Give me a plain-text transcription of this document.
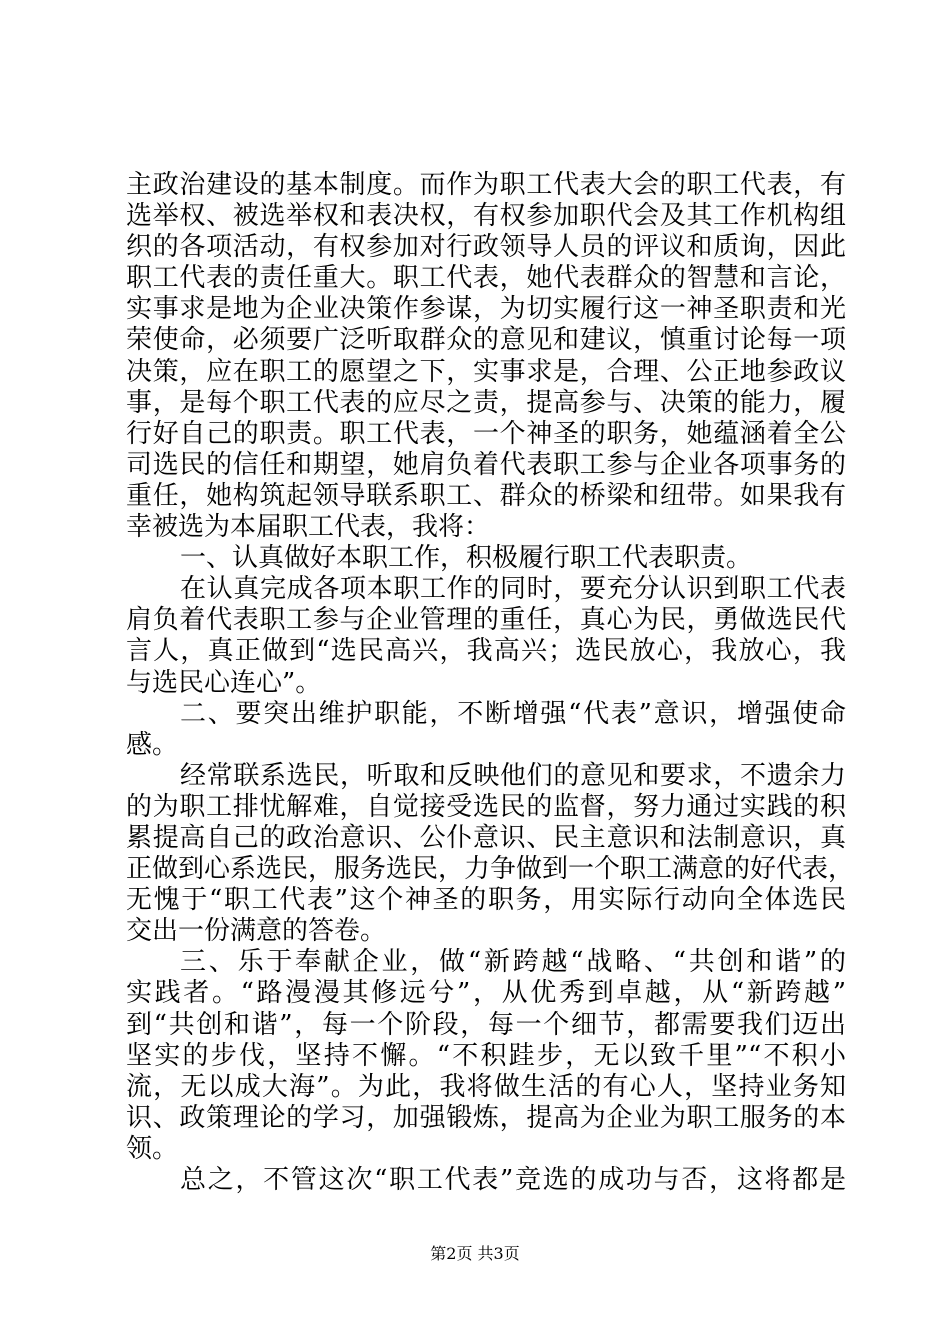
主政治建设的基本制度。而作为职工代表大会的职工代表，有
选举权、被选举权和表决权，有权参加职代会及其工作机构组
织的各项活动，有权参加对行政领导人员的评议和质询，因此
职工代表的责任重大。职工代表，她代表群众的智慧和言论，
实事求是地为企业决策作参谋，为切实履行这一神圣职责和光
荣使命，必须要广泛听取群众的意见和建议，慎重讨论每一项
决策，应在职工的愿望之下，实事求是，合理、公正地参政议
事，是每个职工代表的应尽之责，提高参与、决策的能力，履
行好自己的职责。职工代表，一个神圣的职务，她蕴涵着全公
司选民的信任和期望，她肩负着代表职工参与企业各项事务的
重任，她构筑起领导联系职工、群众的桥梁和纽带。如果我有
幸被选为本届职工代表，我将：
一、认真做好本职工作，积极履行职工代表职责。
在认真完成各项本职工作的同时，要充分认识到职工代表
肩负着代表职工参与企业管理的重任，真心为民，勇做选民代
言人，真正做到“选民高兴，我高兴；选民放心，我放心，我
与选民心连心”。
二、要突出维护职能，不断增强“代表”意识，增强使命
感。
经常联系选民，听取和反映他们的意见和要求，不遗余力
的为职工排忧解难，自觉接受选民的监督，努力通过实践的积
累提高自己的政治意识、公仆意识、民主意识和法制意识，真
正做到心系选民，服务选民，力争做到一个职工满意的好代表，
无愧于“职工代表”这个神圣的职务，用实际行动向全体选民
交出一份满意的答卷。
三、乐于奉献企业，做“新跨越“战略、“共创和谐”的
实践者。“路漫漫其修远兮”，从优秀到卓越，从“新跨越”
到“共创和谐”，每一个阶段，每一个细节，都需要我们迈出
坚实的步伐，坚持不懈。“不积跬步，无以致千里”“不积小
流，无以成大海”。为此，我将做生活的有心人，坚持业务知
识、政策理论的学习，加强锻炼，提高为企业为职工服务的本
领。
总之，不管这次“职工代表”竞选的成功与否，这将都是
第2页 共3页
